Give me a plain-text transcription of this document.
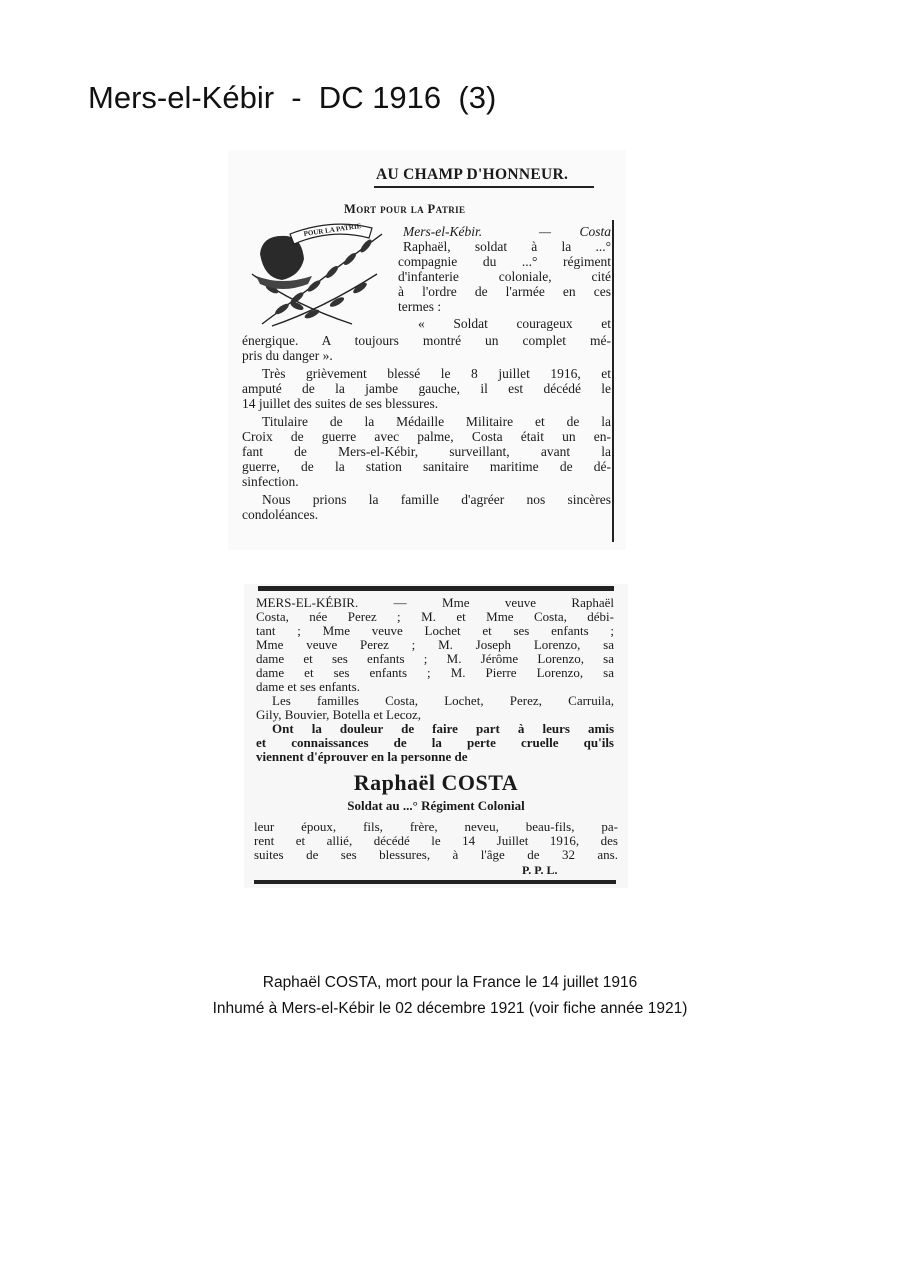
Mers-el-Kébir  -  DC 1916  (3)
AU CHAMP D'HONNEUR.
Mort pour la Patrie
POUR LA PATRIE	Mers-el-Kébir.  — Costa
Raphaël, soldat à la ...°
compagnie du ...° régiment
d'infanterie coloniale, cité
à l'ordre de l'armée en ces
termes :
« Soldat courageux et
énergique. A toujours montré un complet mé-
pris du danger ».
Très grièvement blessé le 8 juillet 1916, et
amputé de la jambe gauche, il est décédé le
14 juillet des suites de ses blessures.
Titulaire de la Médaille Militaire et de la
Croix de guerre avec palme, Costa était un en-
fant de Mers-el-Kébir, surveillant, avant la
guerre, de la station sanitaire maritime de dé-
sinfection.
Nous prions la famille d'agréer nos sincères
condoléances.
MERS-EL-KÉBIR. — Mme veuve Raphaël
Costa, née Perez ; M. et Mme Costa, débi-
tant ; Mme veuve Lochet et ses enfants ;
Mme veuve Perez ; M. Joseph Lorenzo, sa
dame et ses enfants ; M. Jérôme Lorenzo, sa
dame et ses enfants ; M. Pierre Lorenzo, sa
dame et ses enfants.
Les familles Costa, Lochet, Perez, Carruila,
Gily, Bouvier, Botella et Lecoz,
Ont la douleur de faire part à leurs amis
et connaissances de la perte cruelle qu'ils
viennent d'éprouver en la personne de
Raphaël COSTA
Soldat au ...° Régiment Colonial
leur époux, fils, frère, neveu, beau-fils, pa-
rent et allié, décédé le 14 Juillet 1916, des
suites de ses blessures, à l'âge de 32 ans.
P. P. L.
Raphaël COSTA, mort pour la France le 14 juillet 1916
Inhumé à Mers-el-Kébir le 02 décembre 1921 (voir fiche année 1921)
